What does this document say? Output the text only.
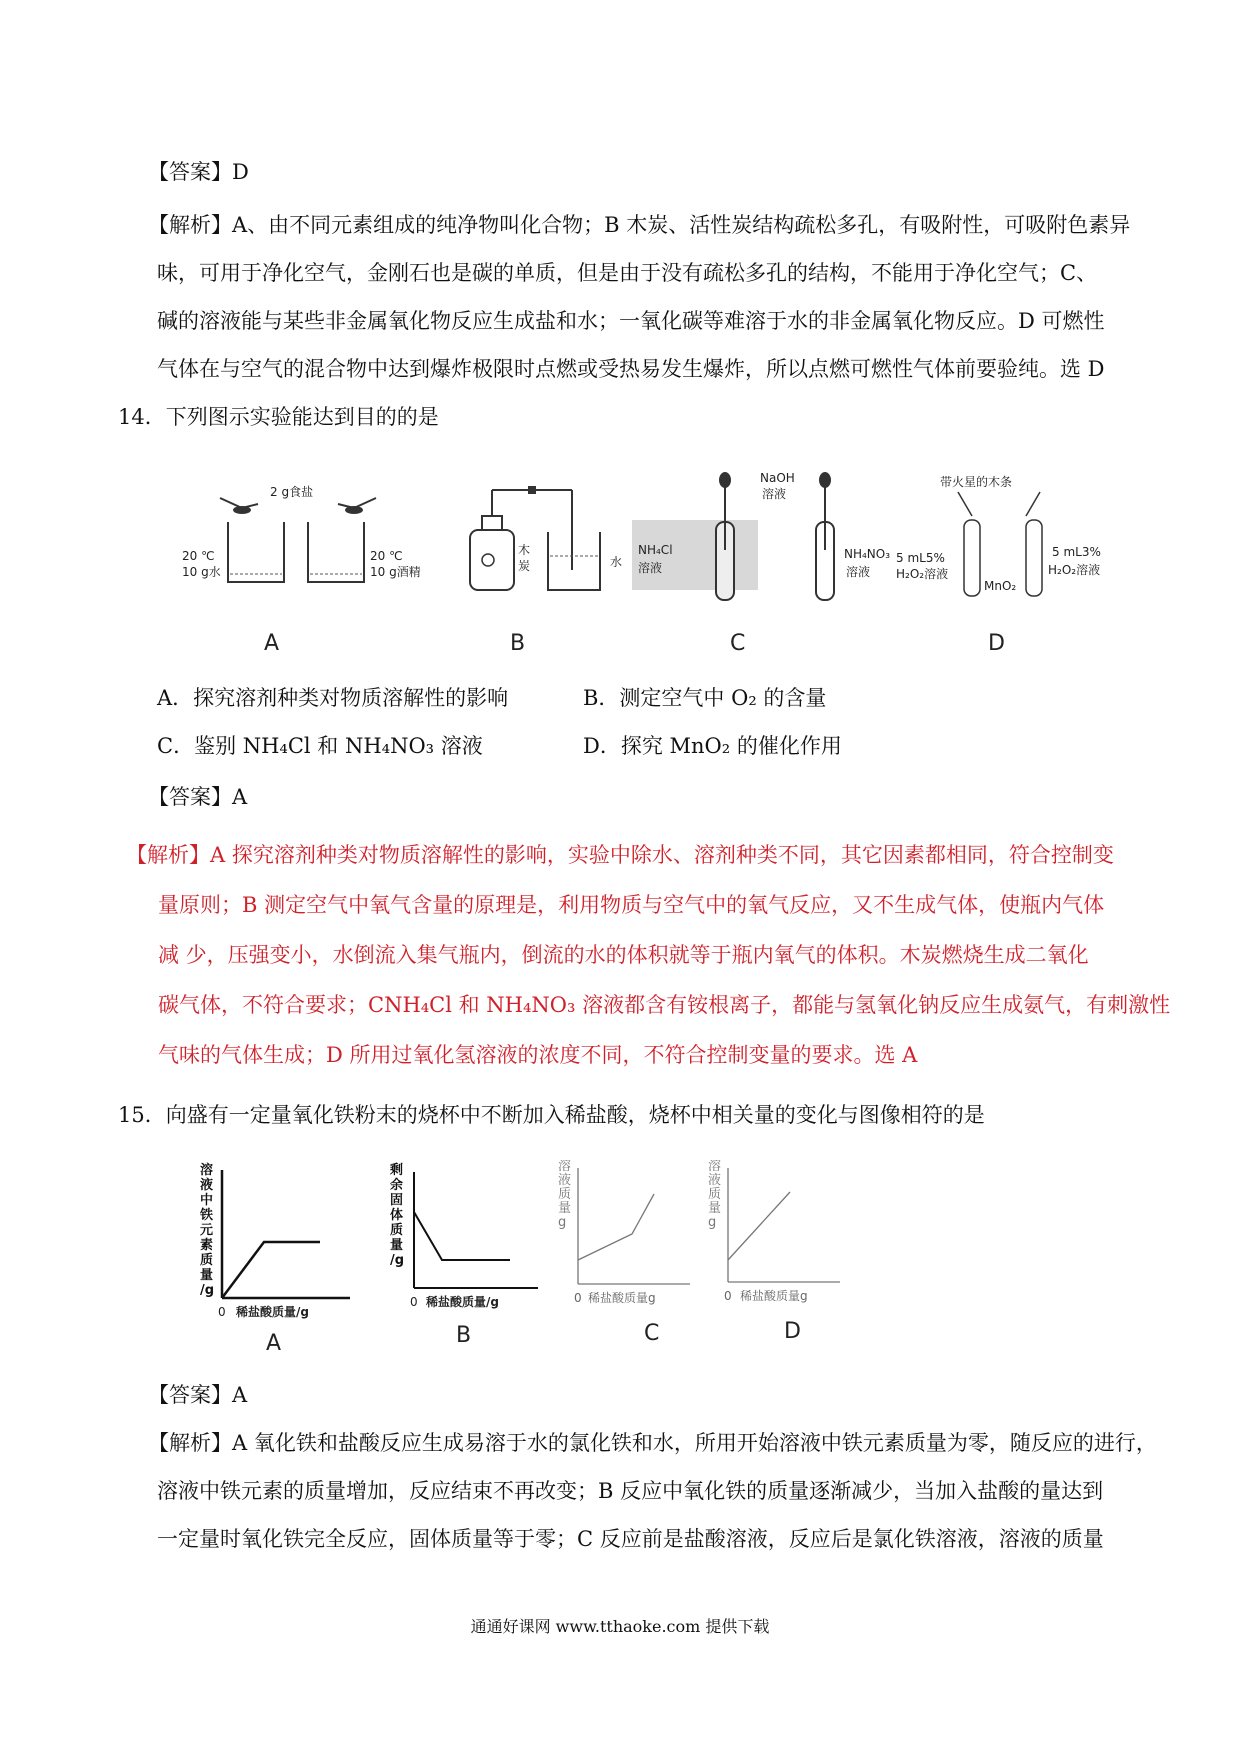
【答案】D
【解析】A、由不同元素组成的纯净物叫化合物；B 木炭、活性炭结构疏松多孔，有吸附性，可吸附色素异
味，可用于净化空气，金刚石也是碳的单质，但是由于没有疏松多孔的结构，不能用于净化空气；C、
碱的溶液能与某些非金属氧化物反应生成盐和水；一氧化碳等难溶于水的非金属氧化物反应。D 可燃性
气体在与空气的混合物中达到爆炸极限时点燃或受热易发生爆炸，所以点燃可燃性气体前要验纯。选 D
14．下列图示实验能达到目的的是
2 g食盐
20 ℃
10 g水
20 ℃
10 g酒精
A
木
炭	水
B
NaOH
溶液
NH₄Cl
溶液
NH₄NO₃
溶液
C
带火星的木条
5 mL5%
H₂O₂溶液
MnO₂
5 mL3%
H₂O₂溶液
D
A．探究溶剂种类对物质溶解性的影响	B．测定空气中 O₂ 的含量
C．鉴别 NH₄Cl 和 NH₄NO₃ 溶液	D．探究 MnO₂ 的催化作用
【答案】A
【解析】A 探究溶剂种类对物质溶解性的影响，实验中除水、溶剂种类不同，其它因素都相同，符合控制变
量原则；B 测定空气中氧气含量的原理是，利用物质与空气中的氧气反应，又不生成气体，使瓶内气体
减 少，压强变小，水倒流入集气瓶内，倒流的水的体积就等于瓶内氧气的体积。木炭燃烧生成二氧化
碳气体，不符合要求；CNH₄Cl 和 NH₄NO₃ 溶液都含有铵根离子，都能与氢氧化钠反应生成氨气，有刺激性
气味的气体生成；D 所用过氧化氢溶液的浓度不同，不符合控制变量的要求。选 A
15．向盛有一定量氧化铁粉末的烧杯中不断加入稀盐酸，烧杯中相关量的变化与图像相符的是
溶
液
中
铁
元
素
质
量
/g
0 稀盐酸质量/g
A
剩
余
固
体
质
量
/g
0 稀盐酸质量/g
B
溶
液
质
量
g
0 稀盐酸质量g
C
溶
液
质
量
g
0 稀盐酸质量g
D
【答案】A
【解析】A 氧化铁和盐酸反应生成易溶于水的氯化铁和水，所用开始溶液中铁元素质量为零，随反应的进行，
溶液中铁元素的质量增加，反应结束不再改变；B 反应中氧化铁的质量逐渐减少，当加入盐酸的量达到
一定量时氧化铁完全反应，固体质量等于零；C 反应前是盐酸溶液，反应后是氯化铁溶液，溶液的质量
通通好课网 www.tthaoke.com 提供下载
